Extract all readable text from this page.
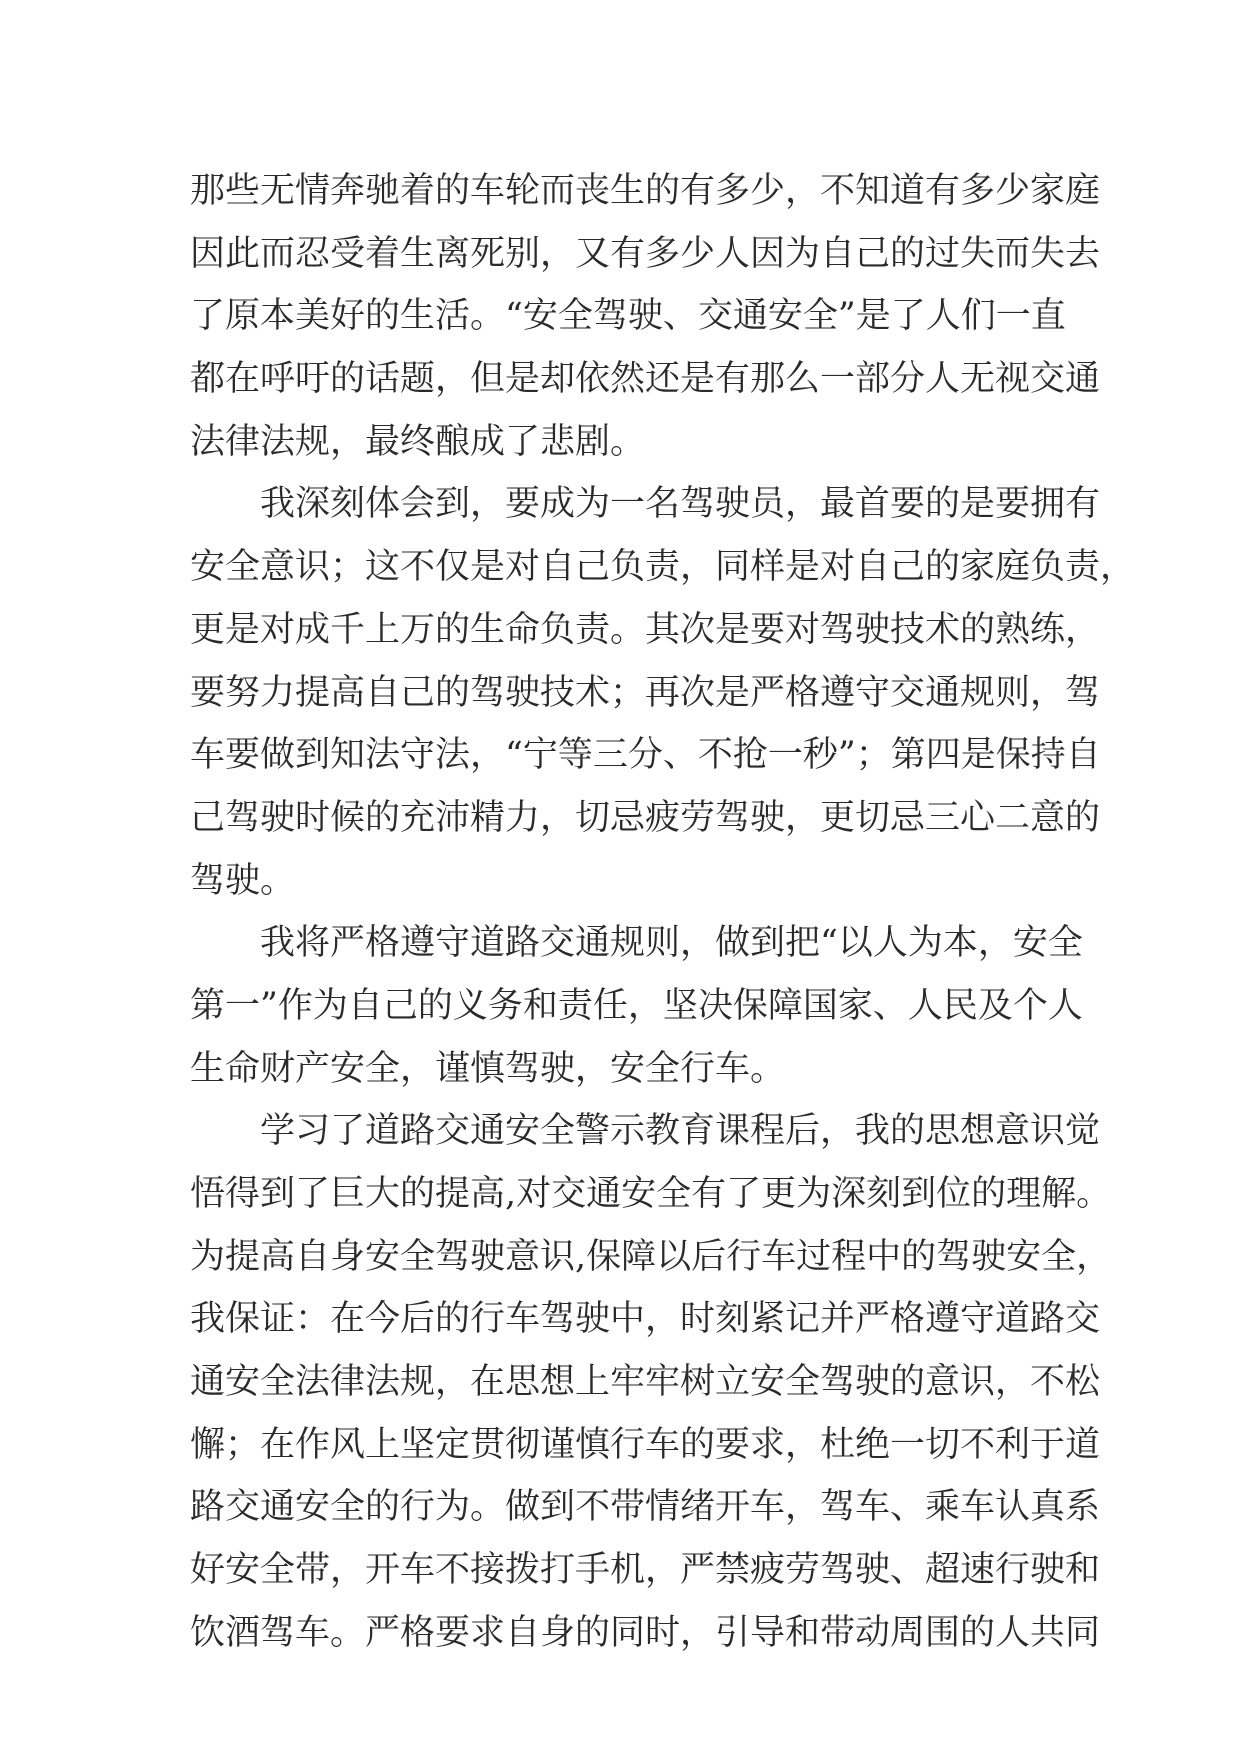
那些无情奔驰着的车轮而丧生的有多少，不知道有多少家庭
因此而忍受着生离死别，又有多少人因为自己的过失而失去
了原本美好的生活。“安全驾驶、交通安全”是了人们一直
都在呼吁的话题，但是却依然还是有那么一部分人无视交通
法律法规，最终酿成了悲剧。
　　我深刻体会到，要成为一名驾驶员，最首要的是要拥有
安全意识；这不仅是对自己负责，同样是对自己的家庭负责，
更是对成千上万的生命负责。其次是要对驾驶技术的熟练，
要努力提高自己的驾驶技术；再次是严格遵守交通规则，驾
车要做到知法守法，“宁等三分、不抢一秒”；第四是保持自
己驾驶时候的充沛精力，切忌疲劳驾驶，更切忌三心二意的
驾驶。
　　我将严格遵守道路交通规则，做到把“以人为本，安全
第一”作为自己的义务和责任，坚决保障国家、人民及个人
生命财产安全，谨慎驾驶，安全行车。
　　学习了道路交通安全警示教育课程后，我的思想意识觉
悟得到了巨大的提高,对交通安全有了更为深刻到位的理解。
为提高自身安全驾驶意识,保障以后行车过程中的驾驶安全，
我保证：在今后的行车驾驶中，时刻紧记并严格遵守道路交
通安全法律法规，在思想上牢牢树立安全驾驶的意识，不松
懈；在作风上坚定贯彻谨慎行车的要求，杜绝一切不利于道
路交通安全的行为。做到不带情绪开车，驾车、乘车认真系
好安全带，开车不接拨打手机，严禁疲劳驾驶、超速行驶和
饮酒驾车。严格要求自身的同时，引导和带动周围的人共同
